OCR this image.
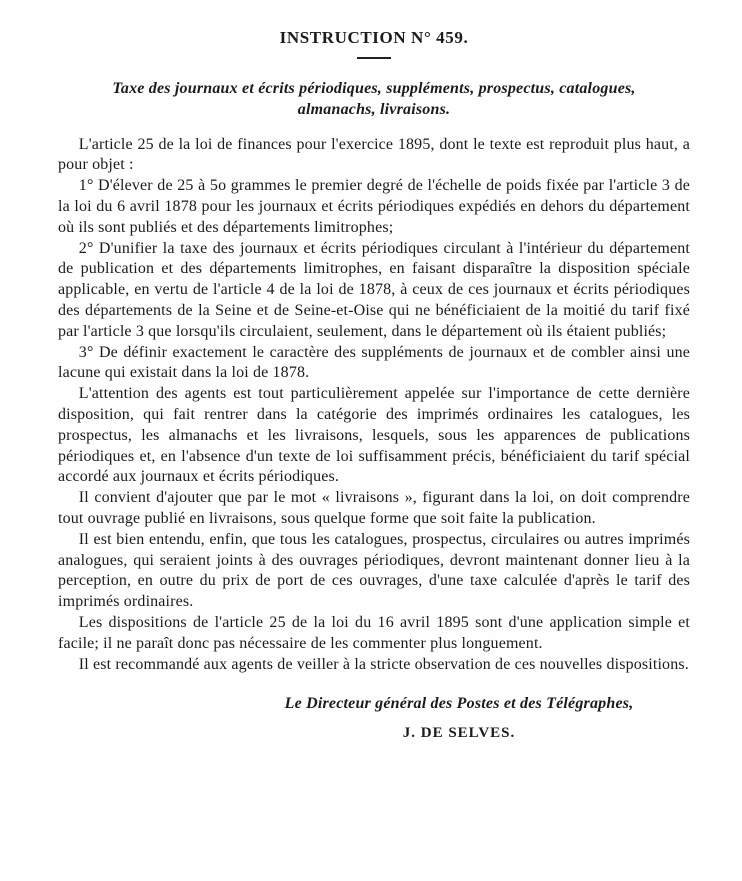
INSTRUCTION N° 459.

Taxe des journaux et écrits périodiques, suppléments, prospectus, catalogues, almanachs, livraisons.

L'article 25 de la loi de finances pour l'exercice 1895, dont le texte est reproduit plus haut, a pour objet :

1° D'élever de 25 à 5o grammes le premier degré de l'échelle de poids fixée par l'article 3 de la loi du 6 avril 1878 pour les journaux et écrits périodiques expédiés en dehors du département où ils sont publiés et des départements limitrophes;

2° D'unifier la taxe des journaux et écrits périodiques circulant à l'intérieur du département de publication et des départements limitrophes, en faisant disparaître la disposition spéciale applicable, en vertu de l'article 4 de la loi de 1878, à ceux de ces journaux et écrits périodiques des départements de la Seine et de Seine-et-Oise qui ne bénéficiaient de la moitié du tarif fixé par l'article 3 que lorsqu'ils circulaient, seulement, dans le département où ils étaient publiés;

3° De définir exactement le caractère des suppléments de journaux et de combler ainsi une lacune qui existait dans la loi de 1878.

L'attention des agents est tout particulièrement appelée sur l'importance de cette dernière disposition, qui fait rentrer dans la catégorie des imprimés ordinaires les catalogues, les prospectus, les almanachs et les livraisons, lesquels, sous les apparences de publications périodiques et, en l'absence d'un texte de loi suffisamment précis, bénéficiaient du tarif spécial accordé aux journaux et écrits périodiques.

Il convient d'ajouter que par le mot « livraisons », figurant dans la loi, on doit comprendre tout ouvrage publié en livraisons, sous quelque forme que soit faite la publication.

Il est bien entendu, enfin, que tous les catalogues, prospectus, circulaires ou autres imprimés analogues, qui seraient joints à des ouvrages périodiques, devront maintenant donner lieu à la perception, en outre du prix de port de ces ouvrages, d'une taxe calculée d'après le tarif des imprimés ordinaires.

Les dispositions de l'article 25 de la loi du 16 avril 1895 sont d'une application simple et facile; il ne paraît donc pas nécessaire de les commenter plus longuement.

Il est recommandé aux agents de veiller à la stricte observation de ces nouvelles dispositions.

Le Directeur général des Postes et des Télégraphes,

J. DE SELVES.
